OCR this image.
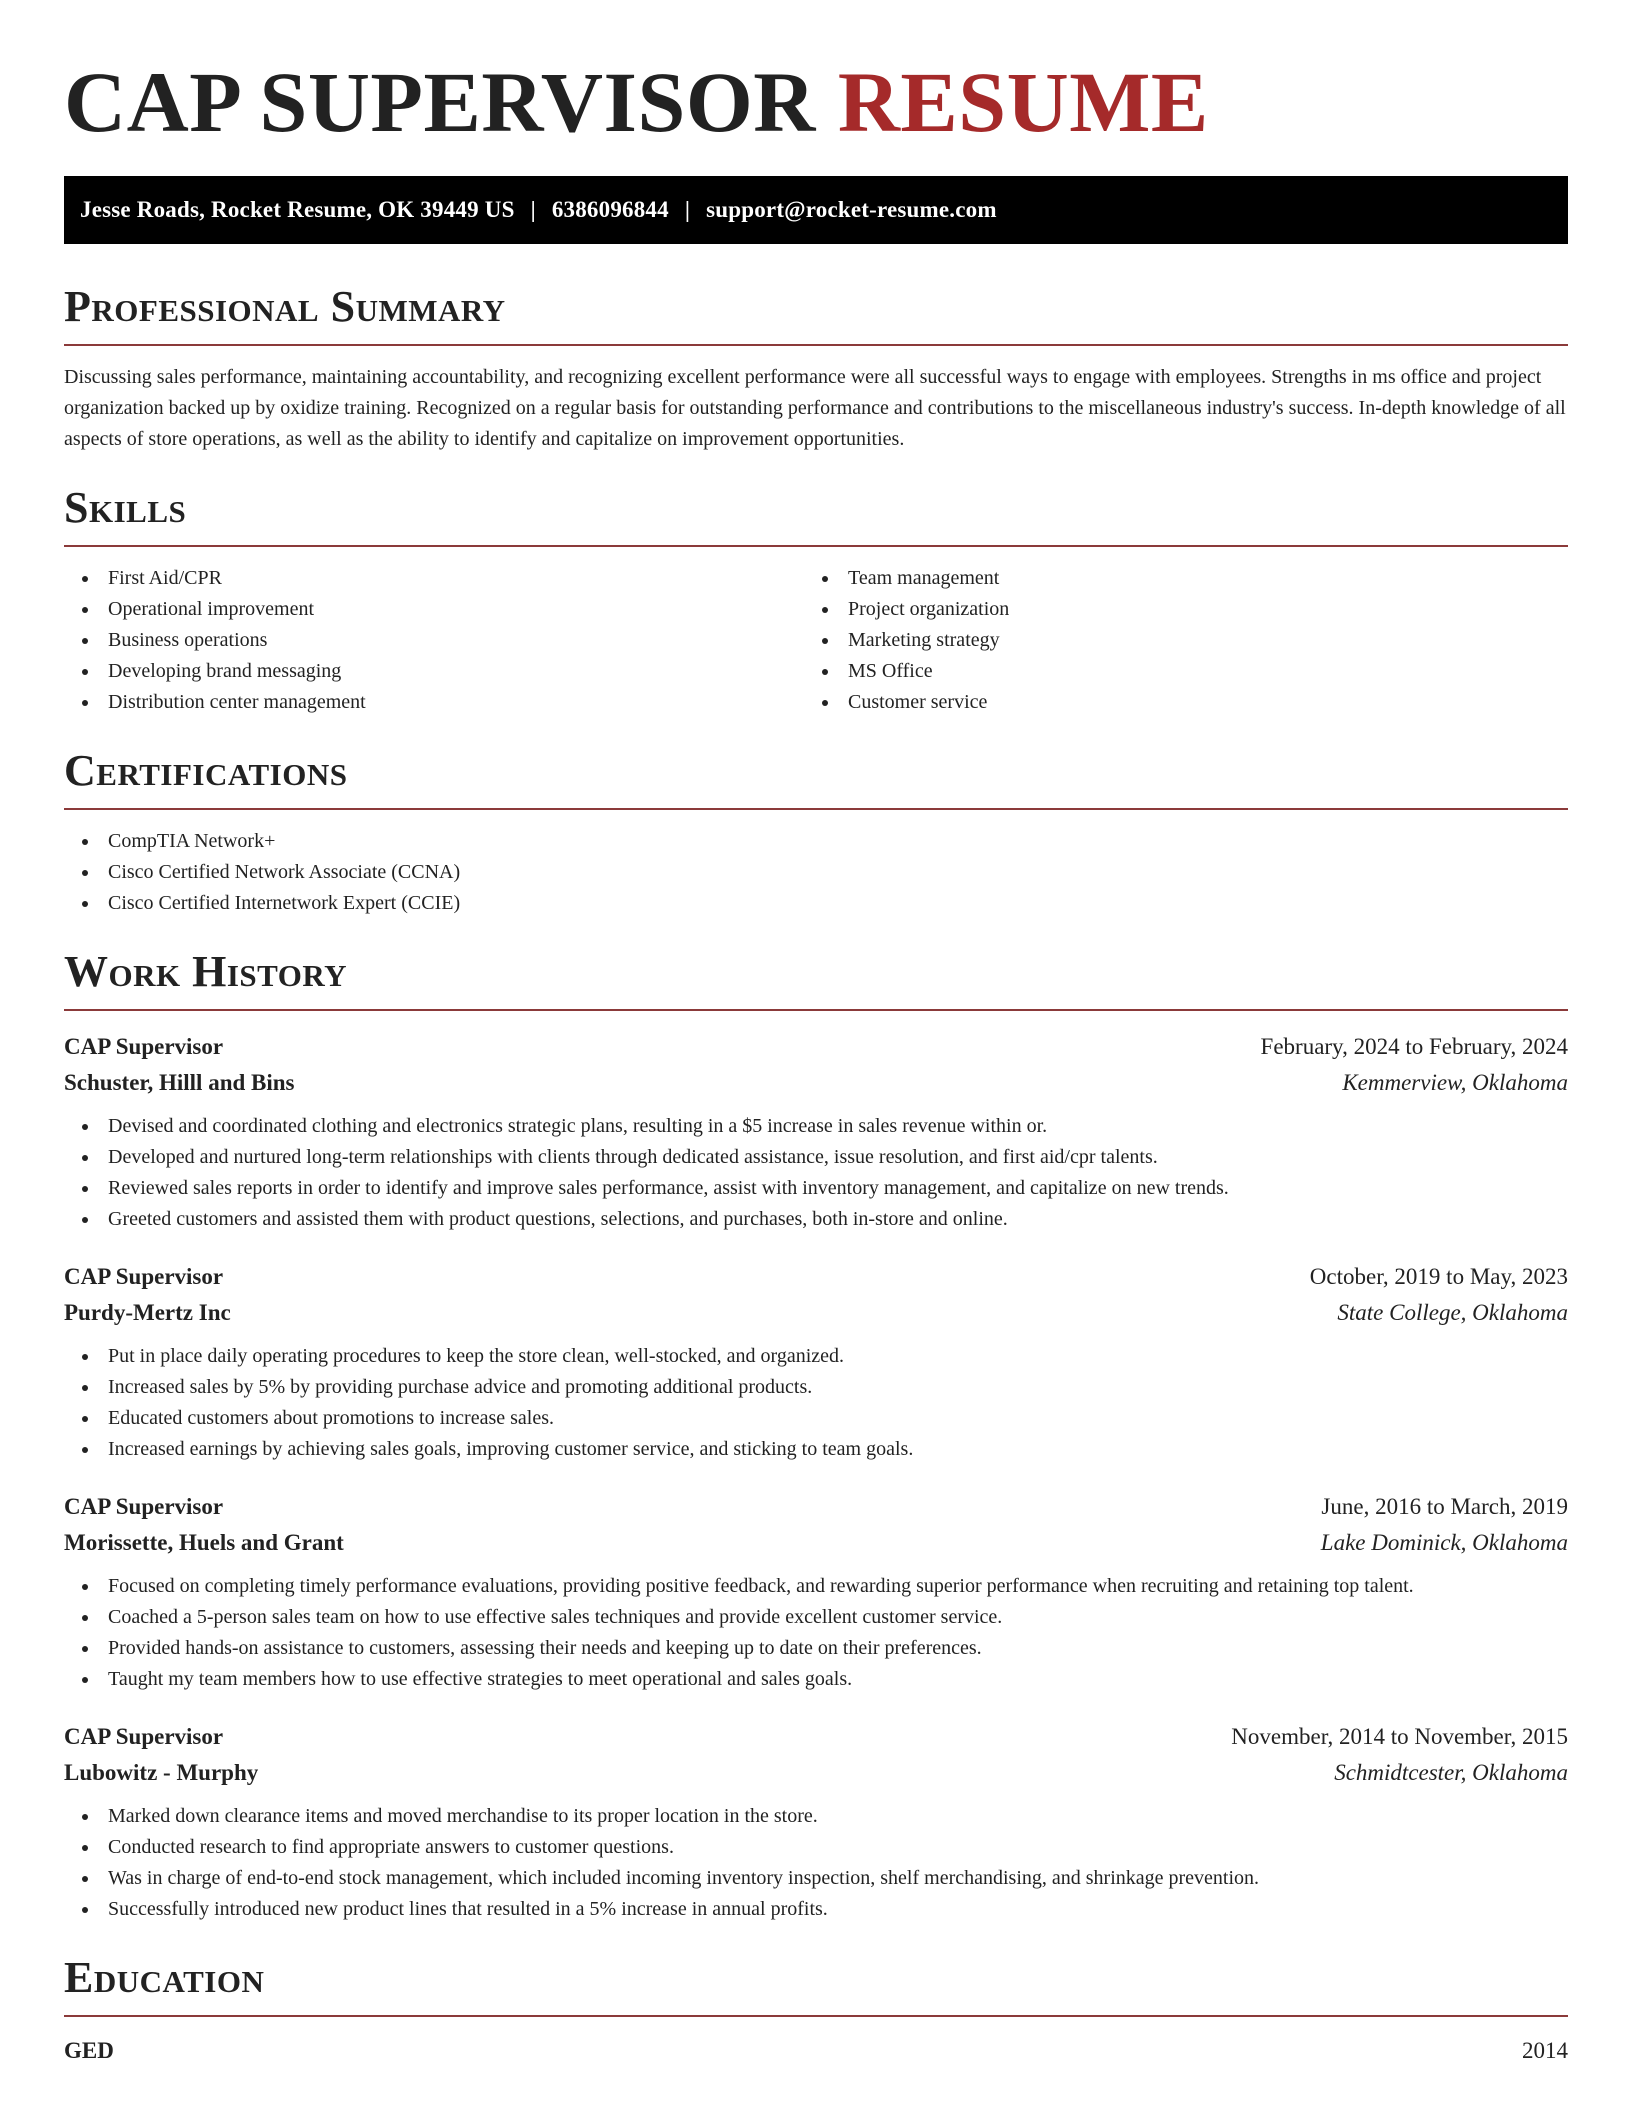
CAP SUPERVISOR RESUME
Jesse Roads, Rocket Resume, OK 39449 US | 6386096844 | support@rocket-resume.com
Professional Summary

Discussing sales performance, maintaining accountability, and recognizing excellent performance were all successful ways to engage with employees. Strengths in ms office and project organization backed up by oxidize training. Recognized on a regular basis for outstanding performance and contributions to the miscellaneous industry's success. In-depth knowledge of all aspects of store operations, as well as the ability to identify and capitalize on improvement opportunities.

Skills
First Aid/CPR
Operational improvement
Business operations
Developing brand messaging
Distribution center management
Team management
Project organization
Marketing strategy
MS Office
Customer service
Certifications
CompTIA Network+
Cisco Certified Network Associate (CCNA)
Cisco Certified Internetwork Expert (CCIE)
Work History
CAP Supervisor	February, 2024 to February, 2024
Schuster, Hilll and Bins	Kemmerview, Oklahoma
Devised and coordinated clothing and electronics strategic plans, resulting in a $5 increase in sales revenue within or.
Developed and nurtured long-term relationships with clients through dedicated assistance, issue resolution, and first aid/cpr talents.
Reviewed sales reports in order to identify and improve sales performance, assist with inventory management, and capitalize on new trends.
Greeted customers and assisted them with product questions, selections, and purchases, both in-store and online.
CAP Supervisor	October, 2019 to May, 2023
Purdy-Mertz Inc	State College, Oklahoma
Put in place daily operating procedures to keep the store clean, well-stocked, and organized.
Increased sales by 5% by providing purchase advice and promoting additional products.
Educated customers about promotions to increase sales.
Increased earnings by achieving sales goals, improving customer service, and sticking to team goals.
CAP Supervisor	June, 2016 to March, 2019
Morissette, Huels and Grant	Lake Dominick, Oklahoma
Focused on completing timely performance evaluations, providing positive feedback, and rewarding superior performance when recruiting and retaining top talent.
Coached a 5-person sales team on how to use effective sales techniques and provide excellent customer service.
Provided hands-on assistance to customers, assessing their needs and keeping up to date on their preferences.
Taught my team members how to use effective strategies to meet operational and sales goals.
CAP Supervisor	November, 2014 to November, 2015
Lubowitz - Murphy	Schmidtcester, Oklahoma
Marked down clearance items and moved merchandise to its proper location in the store.
Conducted research to find appropriate answers to customer questions.
Was in charge of end-to-end stock management, which included incoming inventory inspection, shelf merchandising, and shrinkage prevention.
Successfully introduced new product lines that resulted in a 5% increase in annual profits.
Education
GED	2014
